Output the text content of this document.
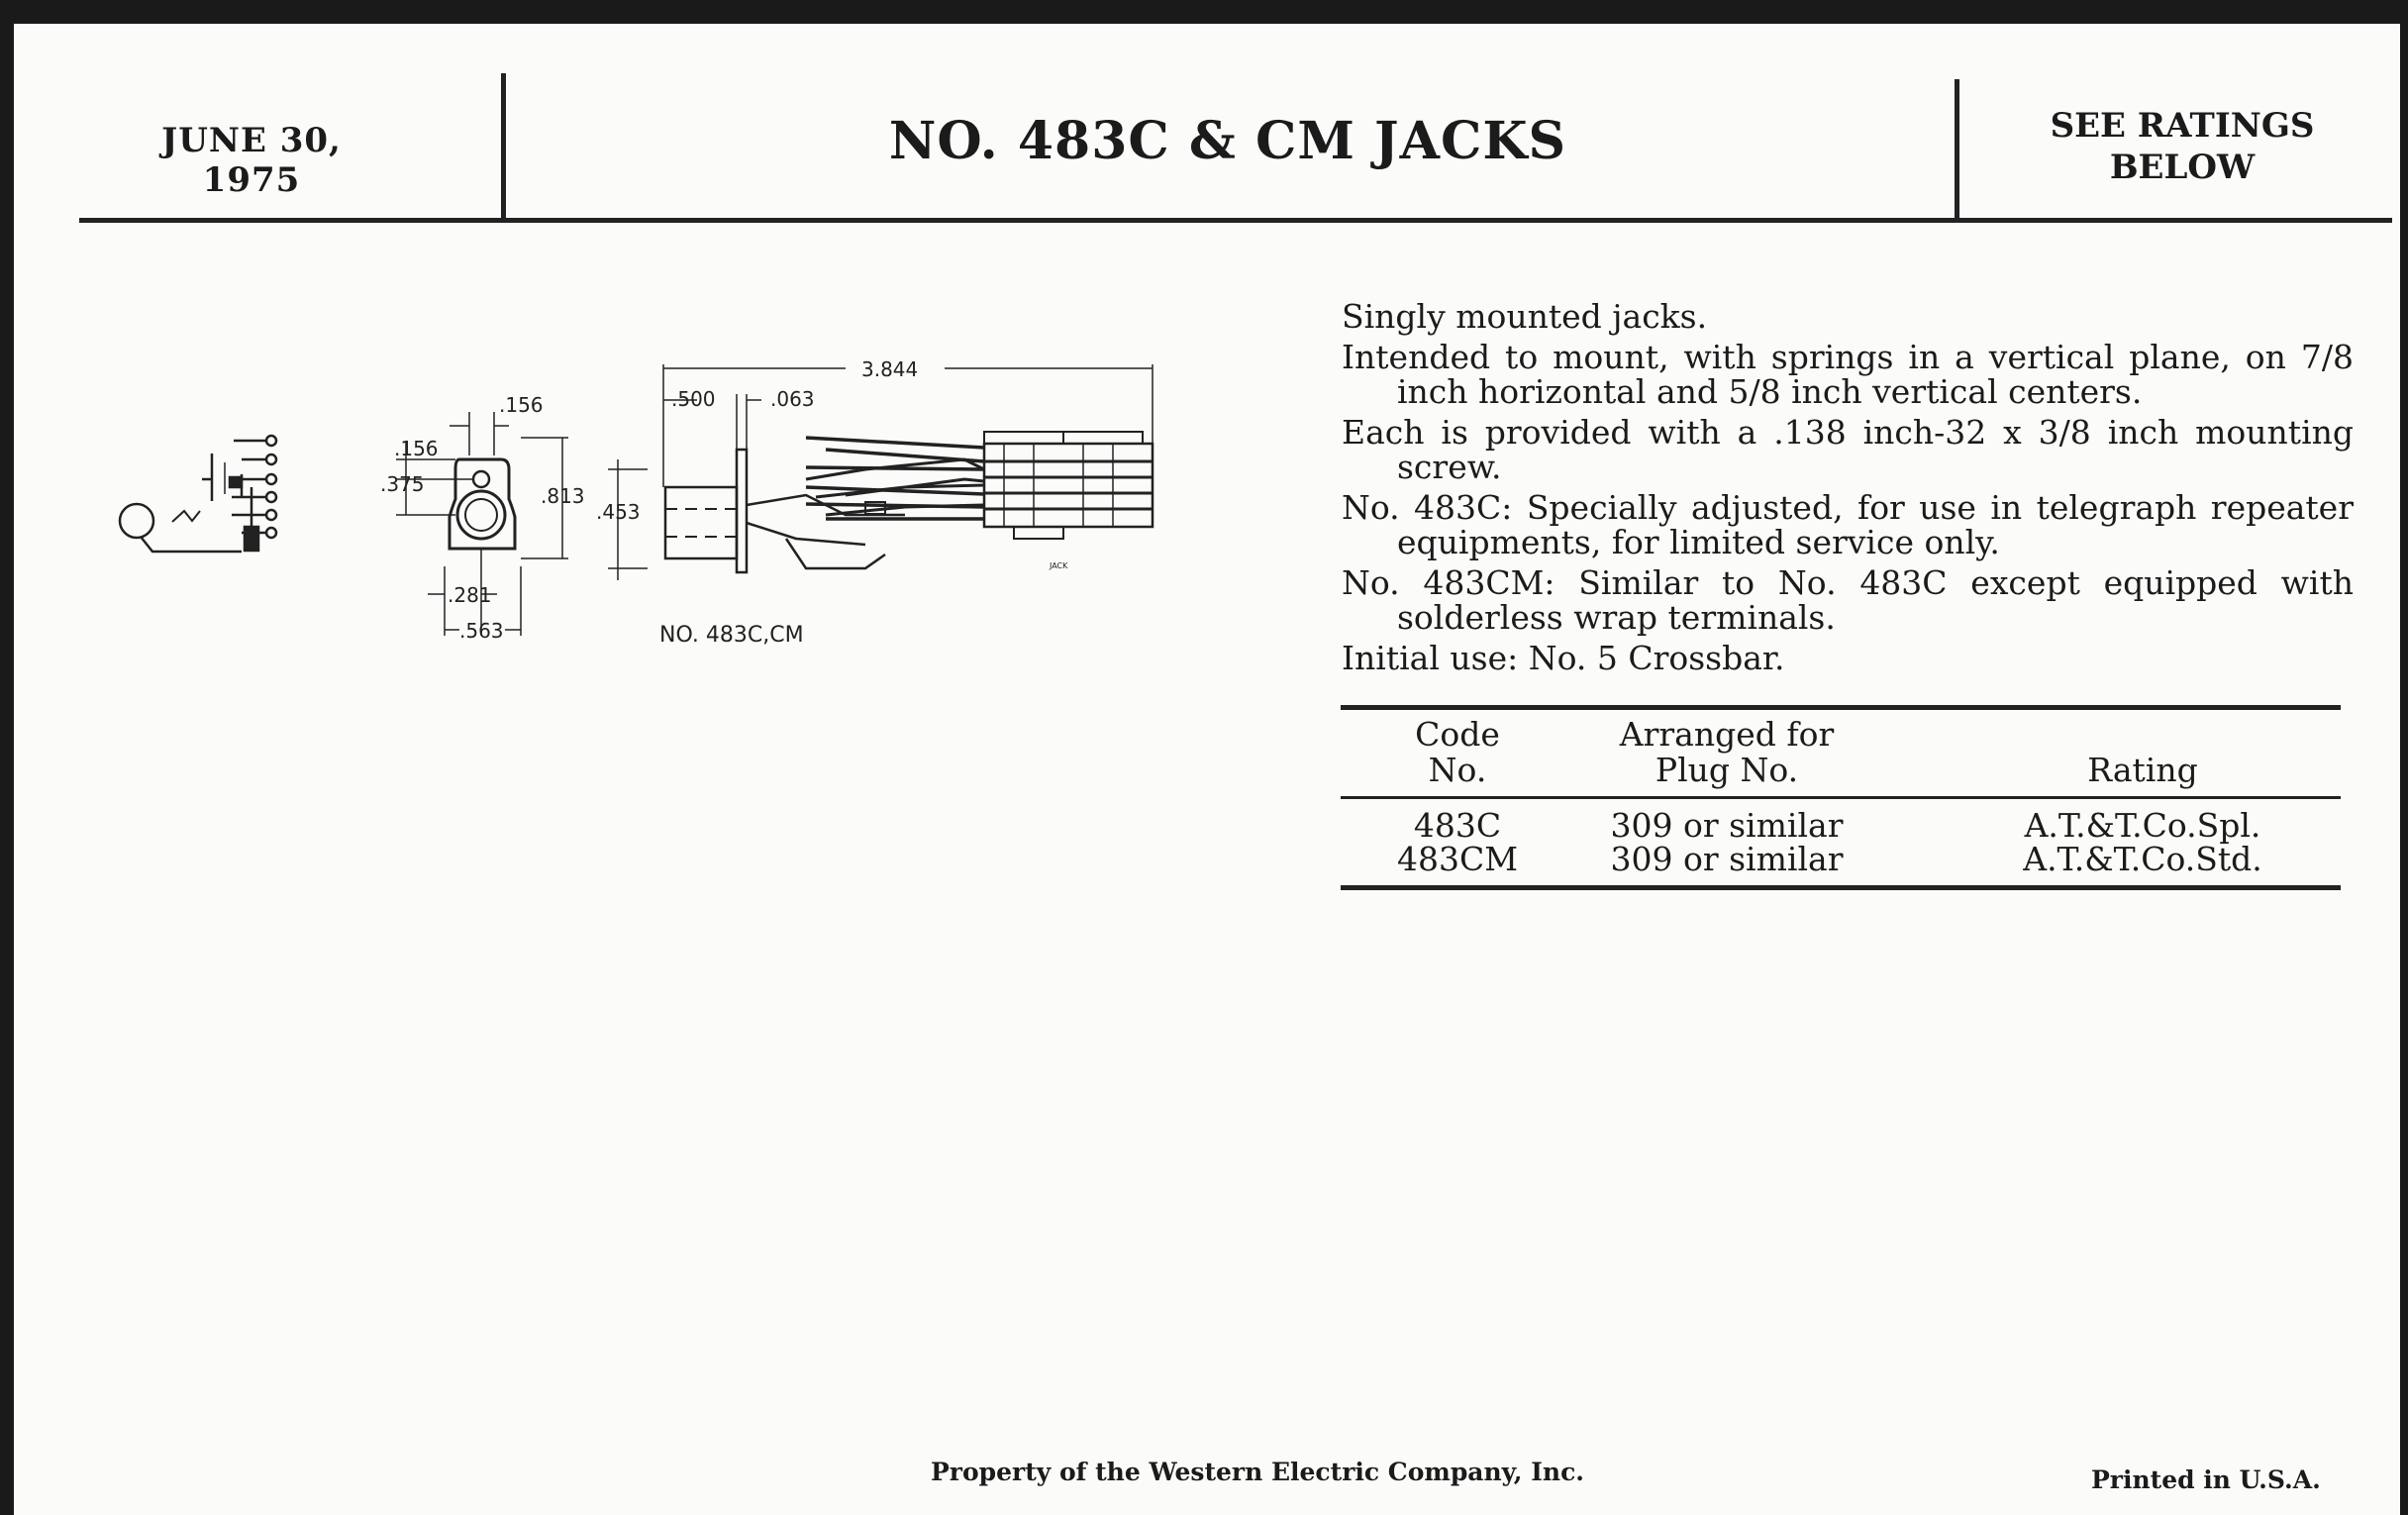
JUNE 30, 1975
NO. 483C & CM JACKS	SEE RATINGS
BELOW
.156
.156
.375	.813
.281
.563
3.844
.500	.063
.453
JACK
NO. 483C,CM
Singly mounted jacks.
Intended to mount, with springs in a vertical plane, on 7/8 inch horizontal and 5/8 inch vertical centers.
Each is provided with a .138 inch-32 x 3/8 inch mounting screw.
No. 483C: Specially adjusted, for use in telegraph repeater equipments, for limited service only.
No. 483CM: Similar to No. 483C except equipped with solderless wrap terminals.
Initial use: No. 5 Crossbar.
Code
No.
Arranged for
Plug No.	Rating
483C	309 or similar	A.T.&T.Co.Spl.
483CM	309 or similar	A.T.&T.Co.Std.
Property of the Western Electric Company, Inc.	Printed in U.S.A.
